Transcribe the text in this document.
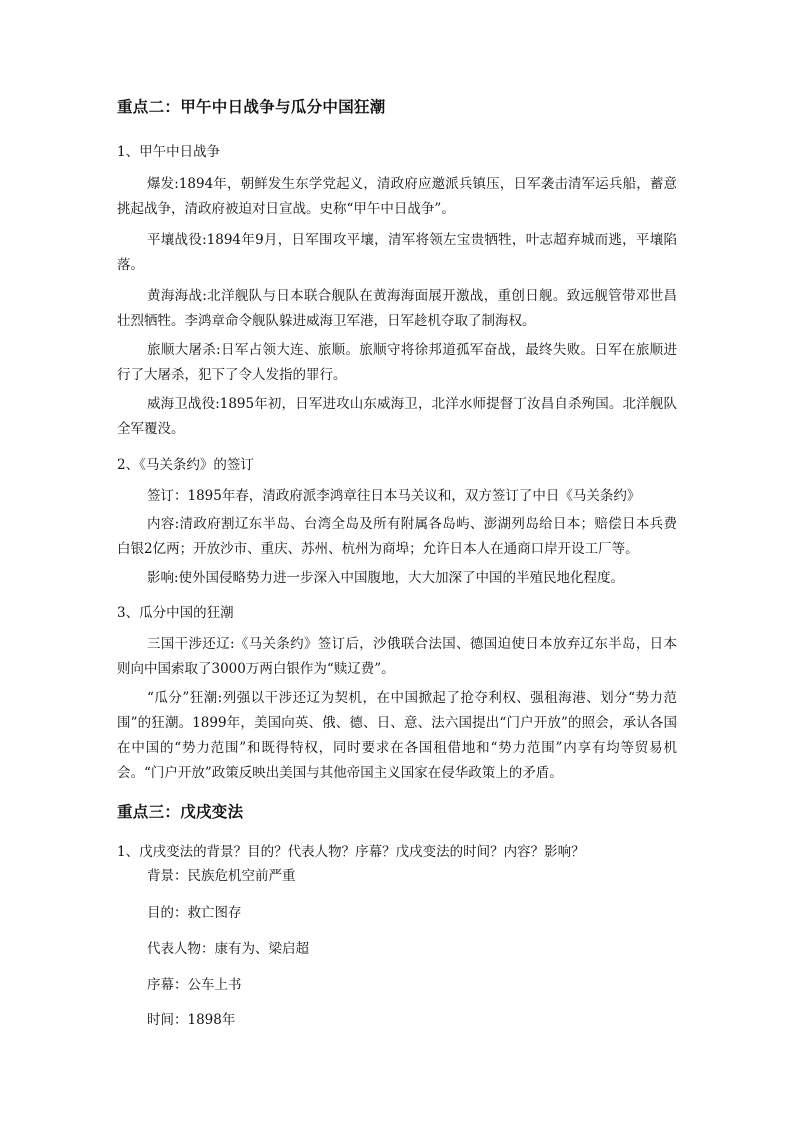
重点二：甲午中日战争与瓜分中国狂潮
1、甲午中日战争

爆发:1894年，朝鲜发生东学党起义，清政府应邀派兵镇压，日军袭击清军运兵船，蓄意挑起战争，清政府被迫对日宣战。史称“甲午中日战争”。

平壤战役:1894年9月，日军围攻平壤，清军将领左宝贵牺牲，叶志超弃城而逃，平壤陷落。

黄海海战:北洋舰队与日本联合舰队在黄海海面展开激战，重创日舰。致远舰管带邓世昌壮烈牺牲。李鸿章命令舰队躲进威海卫军港，日军趁机夺取了制海权。

旅顺大屠杀:日军占领大连、旅顺。旅顺守将徐邦道孤军奋战，最终失败。日军在旅顺进行了大屠杀，犯下了令人发指的罪行。

威海卫战役:1895年初，日军进攻山东威海卫，北洋水师提督丁汝昌自杀殉国。北洋舰队全军覆没。

2、《马关条约》的签订

签订：1895年春，清政府派李鸿章往日本马关议和，双方签订了中日《马关条约》

内容:清政府割辽东半岛、台湾全岛及所有附属各岛屿、澎湖列岛给日本；赔偿日本兵费白银2亿两；开放沙市、重庆、苏州、杭州为商埠；允许日本人在通商口岸开设工厂等。

影响:使外国侵略势力进一步深入中国腹地，大大加深了中国的半殖民地化程度。

3、瓜分中国的狂潮

三国干涉还辽:《马关条约》签订后，沙俄联合法国、德国迫使日本放弃辽东半岛，日本则向中国索取了3000万两白银作为“赎辽费”。

“瓜分”狂潮:列强以干涉还辽为契机，在中国掀起了抢夺利权、强租海港、划分“势力范围”的狂潮。1899年，美国向英、俄、德、日、意、法六国提出“门户开放”的照会，承认各国在中国的“势力范围”和既得特权，同时要求在各国租借地和“势力范围”内享有均等贸易机会。“门户开放”政策反映出美国与其他帝国主义国家在侵华政策上的矛盾。

重点三：戊戌变法
1、戊戌变法的背景？目的？代表人物？序幕？戊戌变法的时间？内容？影响？
背景：民族危机空前严重
目的：救亡图存
代表人物：康有为、梁启超
序幕：公车上书
时间：1898年
